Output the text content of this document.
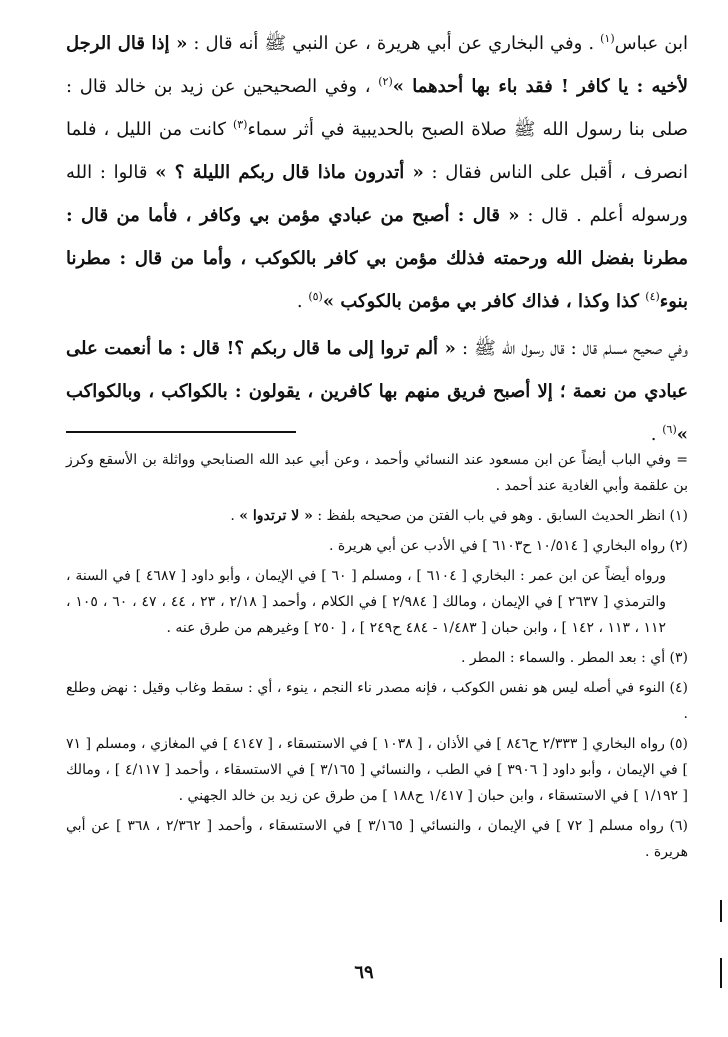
ابن عباس$^{(١)}$ . وفي البخاري عن أبي هريرة ، عن النبي ﷺ أنه قال : « إذا قال الرجل لأخيه : يا كافر ! فقد باء بها أحدهما »$^{(٢)}$ ، وفي الصحيحين عن زيد بن خالد قال : صلى بنا رسول الله ﷺ صلاة الصبح بالحديبية في أثر سماء$^{(٣)}$ كانت من الليل ، فلما انصرف ، أقبل على الناس فقال : « أتدرون ماذا قال ربكم الليلة ؟ » قالوا : الله ورسوله أعلم . قال : « قال : أصبح من عبادي مؤمن بي وكافر ، فأما من قال : مطرنا بفضل الله ورحمته فذلك مؤمن بي كافر بالكوكب ، وأما من قال : مطرنا بنوء$^{(٤)}$ كذا وكذا ، فذاك كافر بي مؤمن بالكوكب »$^{(٥)}$ .

وفي صحيح مسلم قال : قال رسول الله ﷺ : « ألم تروا إلى ما قال ربكم ؟! قال : ما أنعمت على عبادي من نعمة ؛ إلا أصبح فريق منهم بها كافرين ، يقولون : بالكواكب ، وبالكواكب »$^{(٦)}$ .

= وفي الباب أيضاً عن ابن مسعود عند النسائي وأحمد ، وعن أبي عبد الله الصنابحي وواثلة بن الأسقع وكرز بن علقمة وأبي الغادية عند أحمد .

(١) انظر الحديث السابق . وهو في باب الفتن من صحيحه بلفظ : « لا ترتدوا » .

(٢) رواه البخاري [ ١٠/٥١٤ ح٦١٠٣ ] في الأدب عن أبي هريرة .

ورواه أيضاً عن ابن عمر : البخاري [ ٦١٠٤ ] ، ومسلم [ ٦٠ ] في الإيمان ، وأبو داود [ ٤٦٨٧ ] في السنة ، والترمذي [ ٢٦٣٧ ] في الإيمان ، ومالك [ ٢/٩٨٤ ] في الكلام ، وأحمد [ ٢/١٨ ، ٢٣ ، ٤٤ ، ٤٧ ، ٦٠ ، ١٠٥ ، ١١٢ ، ١١٣ ، ١٤٢ ] ، وابن حبان [ ١/٤٨٣ - ٤٨٤ ح٢٤٩ ] ، [ ٢٥٠ ] وغيرهم من طرق عنه .

(٣) أي : بعد المطر . والسماء : المطر .

(٤) النوء في أصله ليس هو نفس الكوكب ، فإنه مصدر ناء النجم ، ينوء ، أي : سقط وغاب وقيل : نهض وطلع .

(٥) رواه البخاري [ ٢/٣٣٣ ح٨٤٦ ] في الأذان ، [ ١٠٣٨ ] في الاستسقاء ، [ ٤١٤٧ ] في المغازي ، ومسلم [ ٧١ ] في الإيمان ، وأبو داود [ ٣٩٠٦ ] في الطب ، والنسائي [ ٣/١٦٥ ] في الاستسقاء ، وأحمد [ ٤/١١٧ ] ، ومالك [ ١/١٩٢ ] في الاستسقاء ، وابن حبان [ ١/٤١٧ ح١٨٨ ] من طرق عن زيد بن خالد الجهني .

(٦) رواه مسلم [ ٧٢ ] في الإيمان ، والنسائي [ ٣/١٦٥ ] في الاستسقاء ، وأحمد [ ٢/٣٦٢ ، ٣٦٨ ] عن أبي هريرة .

٦٩
